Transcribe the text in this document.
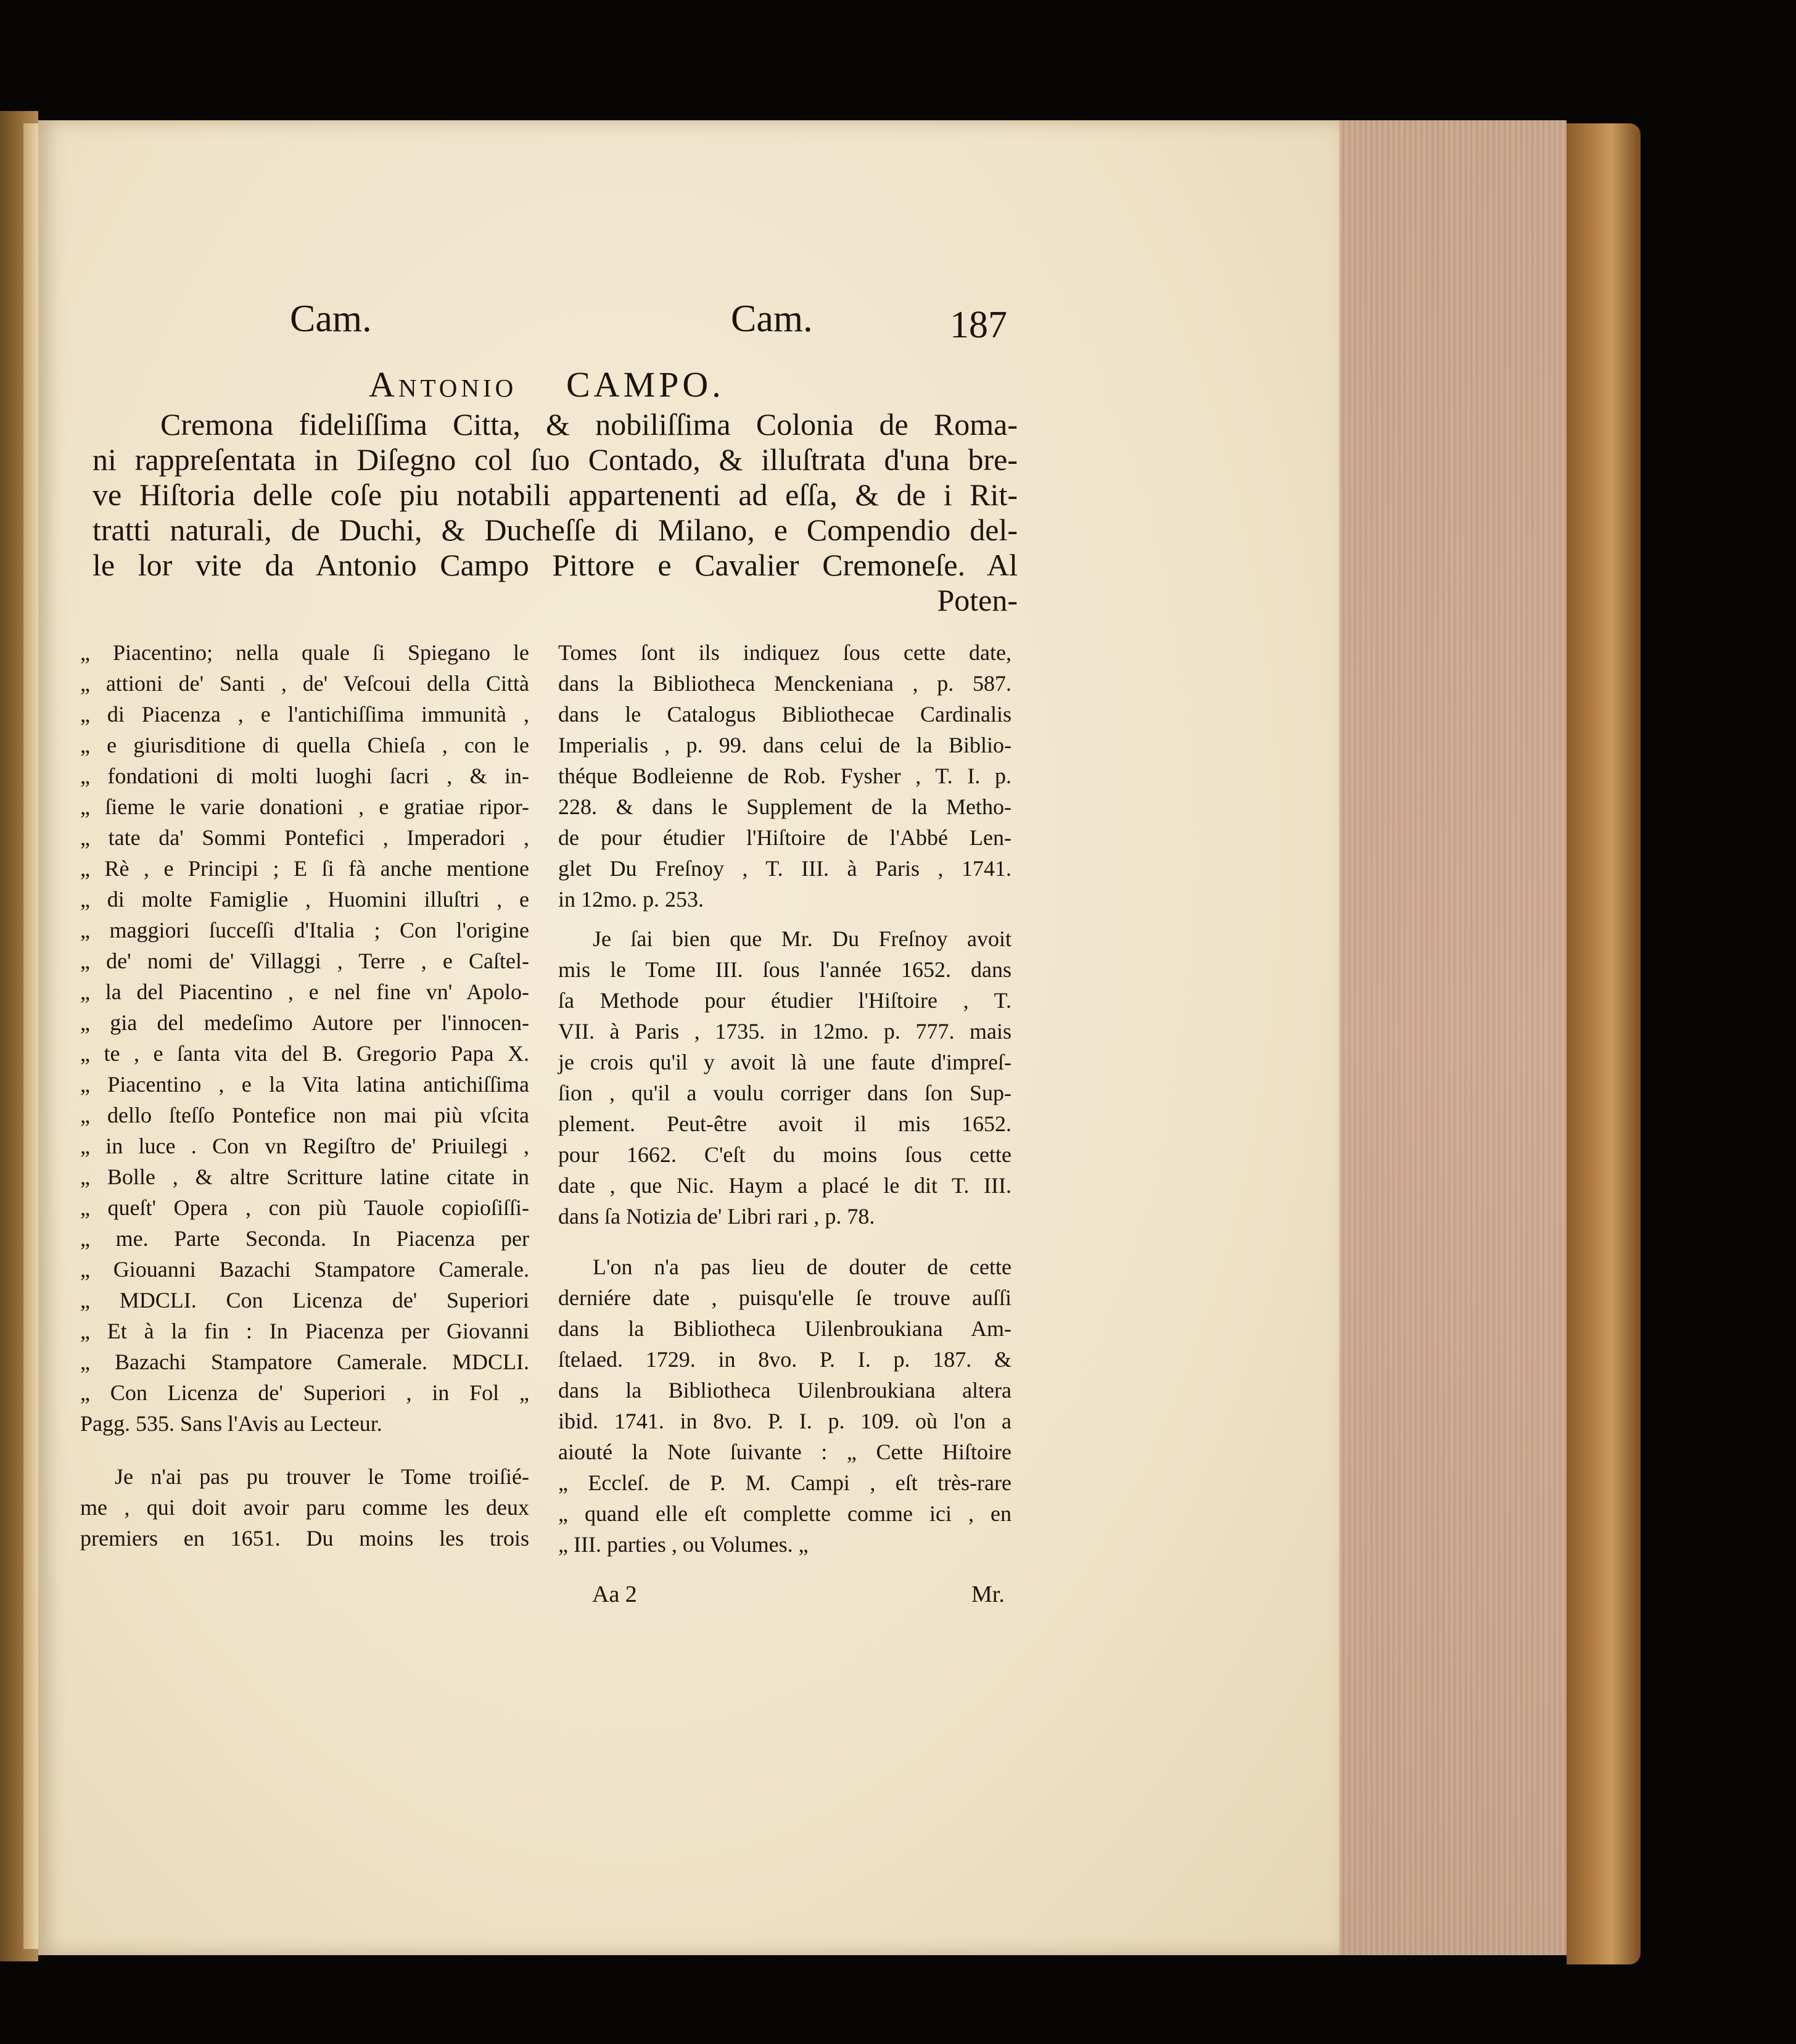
Cam.	Cam.	187
Antonio CAMPO.
Cremona fideliſſima Citta, & nobiliſſima Colonia de Roma-
ni rappreſentata in Diſegno col ſuo Contado, & illuſtrata d'una bre-
ve Hiſtoria delle coſe piu notabili appartenenti ad eſſa, & de i Rit-
tratti naturali, de Duchi, & Ducheſſe di Milano, e Compendio del-
le lor vite da Antonio Campo Pittore e Cavalier Cremoneſe. Al
Poten-
„ Piacentino; nella quale ſi Spiegano le
„ attioni de' Santi , de' Veſcoui della Città
„ di Piacenza , e l'antichiſſima immunità ,
„ e giurisditione di quella Chieſa , con le
„ fondationi di molti luoghi ſacri , & in-
„ ſieme le varie donationi , e gratiae ripor-
„ tate da' Sommi Pontefici , Imperadori ,
„ Rè , e Principi ; E ſi fà anche mentione
„ di molte Famiglie , Huomini illuſtri , e
„ maggiori ſucceſſi d'Italia ; Con l'origine
„ de' nomi de' Villaggi , Terre , e Caſtel-
„ la del Piacentino , e nel fine vn' Apolo-
„ gia del medeſimo Autore per l'innocen-
„ te , e ſanta vita del B. Gregorio Papa X.
„ Piacentino , e la Vita latina antichiſſima
„ dello ſteſſo Pontefice non mai più vſcita
„ in luce . Con vn Regiſtro de' Priuilegi ,
„ Bolle , & altre Scritture latine citate in
„ queſt' Opera , con più Tauole copioſiſſi-
„ me. Parte Seconda. In Piacenza per
„ Giouanni Bazachi Stampatore Camerale.
„ MDCLI. Con Licenza de' Superiori
„ Et à la fin : In Piacenza per Giovanni
„ Bazachi Stampatore Camerale. MDCLI.
„ Con Licenza de' Superiori , in Fol „
Pagg. 535. Sans l'Avis au Lecteur.
Je n'ai pas pu trouver le Tome troiſié-
me , qui doit avoir paru comme les deux
premiers en 1651. Du moins les trois
Tomes ſont ils indiquez ſous cette date,
dans la Bibliotheca Menckeniana , p. 587.
dans le Catalogus Bibliothecae Cardinalis
Imperialis , p. 99. dans celui de la Biblio-
théque Bodleienne de Rob. Fysher , T. I. p.
228. & dans le Supplement de la Metho-
de pour étudier l'Hiſtoire de l'Abbé Len-
glet Du Freſnoy , T. III. à Paris , 1741.
in 12mo. p. 253.
Je ſai bien que Mr. Du Freſnoy avoit
mis le Tome III. ſous l'année 1652. dans
ſa Methode pour étudier l'Hiſtoire , T.
VII. à Paris , 1735. in 12mo. p. 777. mais
je crois qu'il y avoit là une faute d'impreſ-
ſion , qu'il a voulu corriger dans ſon Sup-
plement. Peut-être avoit il mis 1652.
pour 1662. C'eſt du moins ſous cette
date , que Nic. Haym a placé le dit T. III.
dans ſa Notizia de' Libri rari , p. 78.
L'on n'a pas lieu de douter de cette
derniére date , puisqu'elle ſe trouve auſſi
dans la Bibliotheca Uilenbroukiana Am-
ſtelaed. 1729. in 8vo. P. I. p. 187. &
dans la Bibliotheca Uilenbroukiana altera
ibid. 1741. in 8vo. P. I. p. 109. où l'on a
aiouté la Note ſuivante : „ Cette Hiſtoire
„ Eccleſ. de P. M. Campi , eſt très-rare
„ quand elle eſt complette comme ici , en
„ III. parties , ou Volumes. „
Aa 2	Mr.
